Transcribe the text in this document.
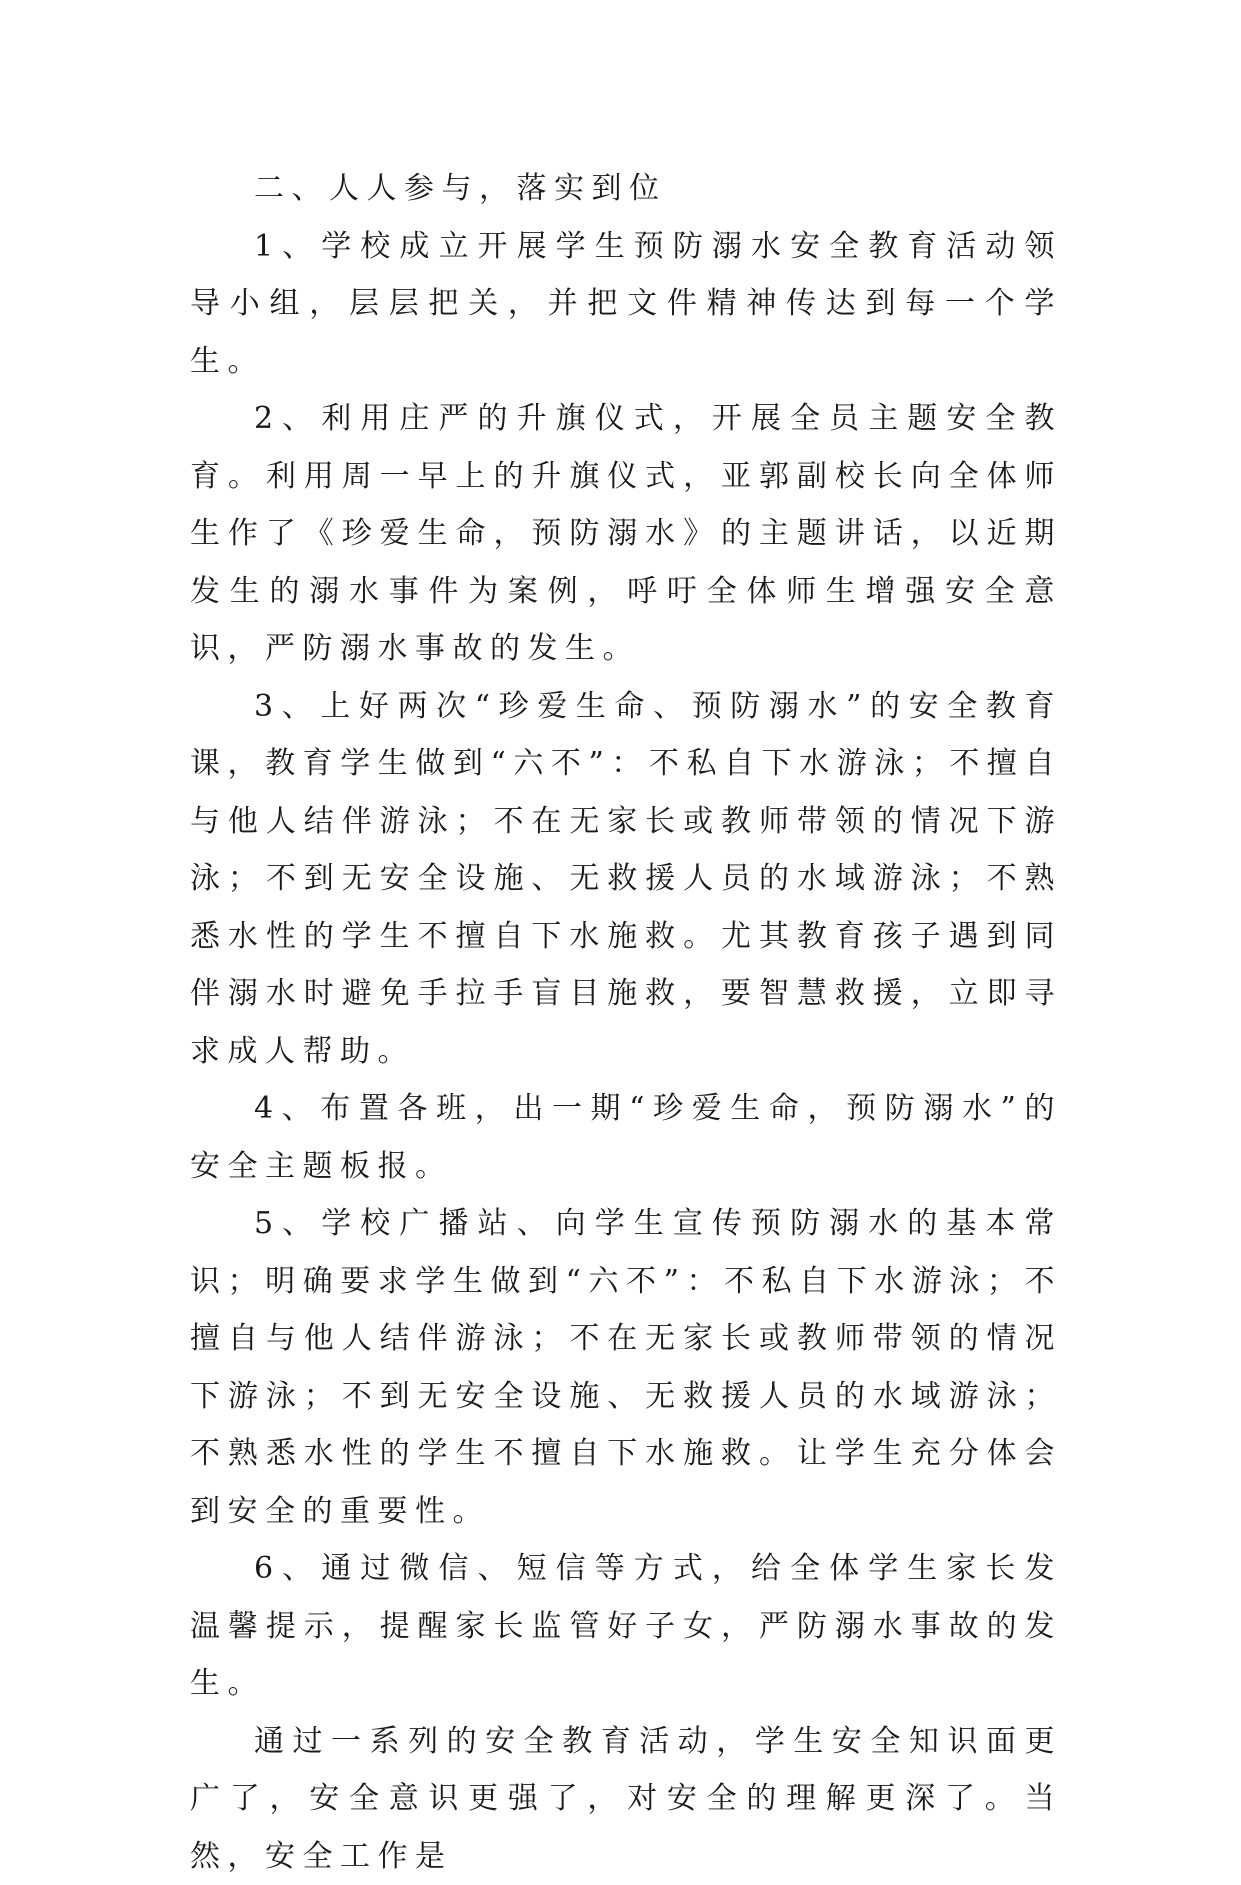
二、人人参与，落实到位

1、学校成立开展学生预防溺水安全教育活动领导小组，层层把关，并把文件精神传达到每一个学生。

2、利用庄严的升旗仪式，开展全员主题安全教育。利用周一早上的升旗仪式，亚郭副校长向全体师生作了《珍爱生命，预防溺水》的主题讲话，以近期发生的溺水事件为案例，呼吁全体师生增强安全意识，严防溺水事故的发生。

3、上好两次“珍爱生命、预防溺水”的安全教育课，教育学生做到“六不”：不私自下水游泳；不擅自与他人结伴游泳；不在无家长或教师带领的情况下游泳；不到无安全设施、无救援人员的水域游泳；不熟悉水性的学生不擅自下水施救。尤其教育孩子遇到同伴溺水时避免手拉手盲目施救，要智慧救援，立即寻求成人帮助。

4、布置各班，出一期“珍爱生命，预防溺水”的安全主题板报。

5、学校广播站、向学生宣传预防溺水的基本常识；明确要求学生做到“六不”：不私自下水游泳；不擅自与他人结伴游泳；不在无家长或教师带领的情况下游泳；不到无安全设施、无救援人员的水域游泳；不熟悉水性的学生不擅自下水施救。让学生充分体会到安全的重要性。

6、通过微信、短信等方式，给全体学生家长发温馨提示，提醒家长监管好子女，严防溺水事故的发生。

通过一系列的安全教育活动，学生安全知识面更广了，安全意识更强了，对安全的理解更深了。当然，安全工作是
